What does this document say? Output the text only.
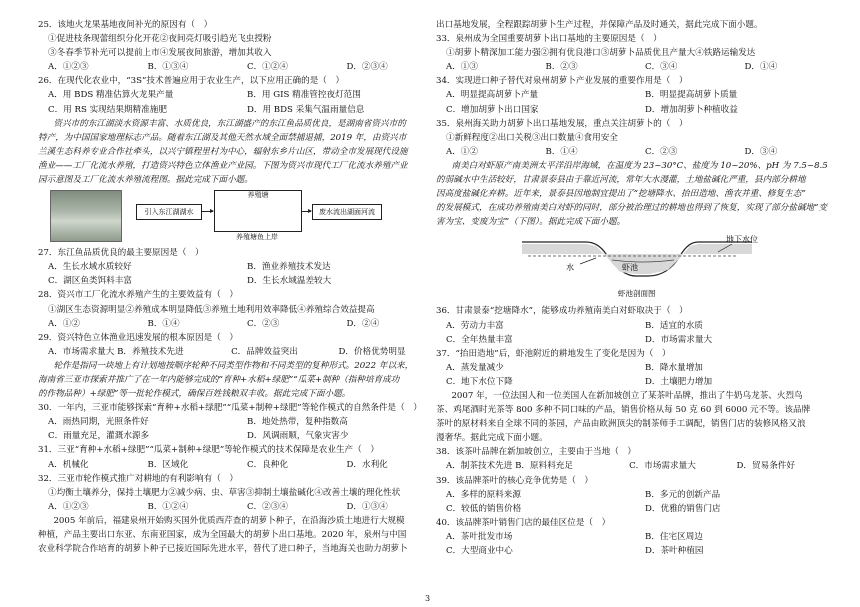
25．该地火龙果基地夜间补光的原因有（　）
①促进枝条现蕾组织分化开花②夜间亮灯吸引趋光飞虫授粉
③冬春季节补光可以提前上市④发展夜间旅游，增加其收入
A．①②③	B．①③④	C．①②④	D．②③④
26．在现代化农业中，“3S”技术普遍应用于农业生产，以下应用正确的是（　）
A．用 BDS 精准估算火龙果产量	B．用 GIS 精准管控夜灯范围
C．用 RS 实现结果期精准施肥	D．用 BDS 采集气温雨量信息
资兴市的东江湖淡水资源丰富、水质优良，东江湖盛产的东江鱼品质优良，是湖南省资兴市的
特产，为中国国家地理标志产品。随着东江湖及其他天然水域全面禁捕退捕，2019 年，由资兴市
兰溪生态科养专业合作社牵头，以兴宁镇程里村为中心，辐射东乡片山区，带动全市发展现代设施
渔业——工厂化流水养殖，打造资兴特色立体渔业产业园。下图为资兴市现代工厂化流水养殖产业
园示意图及工厂化流水养殖流程图。据此完成下面小题。
引入东江湖湖水
养殖塘
废水流出湖面河流
养殖塘鱼上岸
27．东江鱼品质优良的最主要原因是（　）
A．生长水域水质较好	B．渔业养殖技术发达
C．湖区鱼类饵料丰富	D．生长水域温差较大
28．资兴市工厂化流水养殖产生的主要效益有（　）
①湖区生态资源明显②养殖成本明显降低③养殖土地利用效率降低④养殖综合效益提高
A．①②	B．①④	C．②③	D．②④
29．资兴特色立体渔业迅速发展的根本原因是（　）
A．市场需求量大 B．养殖技术先进	C．品牌效益突出	D．价格优势明显
轮作是指同一块地上有计划地按顺序轮种不同类型作物和不同类型的复种形式。2022 年以来，
海南省三亚市探索并推广了在一年内能够完成的“育种+水稻+绿肥”“瓜菜+制种（指种培育成功
的作物品种）+绿肥”等一批轮作模式，确保百姓钱粮双丰收。据此完成下面小题。
30．一年内，三亚市能够探索“育种+水稻+绿肥”“瓜菜+制种+绿肥”等轮作模式的自然条件是（　）
A．雨热同期，光照条件好	B．地处热带，复种指数高
C．雨量充足，灌溉水源多	D．风调雨顺，气象灾害少
31．三亚“育种+水稻+绿肥”“瓜菜+制种+绿肥”等轮作模式的技术保障是农业生产（　）
A．机械化	B．区域化	C．良种化	D．水利化
32．三亚市轮作模式推广对耕地的有利影响有（　）
①均衡土壤养分，保持土壤肥力②减少病、虫、草害③抑制土壤盐碱化④改善土壤的理化性状
A．①②③	B．①②④	C．②③④	D．①③④
2005 年前后，福建泉州开始购买国外优质西芹查的胡萝卜种子，在沿海沙质土地进行大规模
种植，产品主要出口东亚、东南亚国家，成为全国最大的胡萝卜出口基地。2020 年，泉州与中国
农业科学院合作培育的胡萝卜种子已接近国际先进水平，替代了进口种子，当地海关也助力胡萝卜
出口基地发展，全程跟踪胡萝卜生产过程，并保障产品及时通关，据此完成下面小题。
33．泉州成为全国重要胡萝卜出口基地的主要原因是（　）
①胡萝卜精深加工能力强②拥有优良港口③胡萝卜品质优且产量大④铁路运输发达
A．①③	B．②③	C．③④	D．①④
34．实现进口种子替代对泉州胡萝卜产业发展的重要作用是（　）
A．明显提高胡萝卜产量	B．明显提高胡萝卜质量
C．增加胡萝卜出口国家	D．增加胡萝卜种植收益
35．泉州海关助力胡萝卜出口基地发展，重点关注胡萝卜的（　）
①新鲜程度②出口关税③出口数量④食用安全
A．①②	B．①④	C．②③	D．③④
南美白对虾原产南美洲太平洋沿岸海域，在温度为 23~30°C、盐度为 10~20%、pH 为 7.5~8.5
的弱碱水中生活较好，甘肃景泰县由于靠近河流，常年大水漫灌，土地盐碱化严重，县内部分耕地
因高度盐碱化弃耕。近年来，景泰县因地制宜提出了“挖塘降水、抬田造地、渔农并重、修复生态”
的发展模式，在成功养殖南美白对虾的同时，部分被治理过的耕地也得到了恢复，实现了部分盐碱地“变
害为宝、变废为宝”（下图）。据此完成下面小题。
水
地下水位
虾池
虾池剖面图
36．甘肃景泰“挖塘降水”，能够成功养殖南美白对虾取决于（　）
A．劳动力丰富	B．适宜的水质
C．全年热量丰富	D．市场需求量大
37．“抬田造地”后，虾池附近的耕地发生了变化是因为（　）
A．蒸发量减少	B．降水量增加
C．地下水位下降	D．土壤肥力增加
2007 年，一位法国人和一位美国人在新加坡创立了某茶叶品牌，推出了牛奶乌龙茶、火烈鸟
茶、鸡尾酒时光茶等 800 多种不同口味的产品，销售价格从每 50 克 60 到 6000 元不等。该品牌
茶叶的原材料来自全球不同的茶园，产品由欧洲顶尖的制茶师手工调配，销售门店的装修风格又浪
漫奢华。据此完成下面小题。
38．该茶叶品牌在新加坡创立，主要由于当地（　）
A．制茶技术先进 B．原料料充足	C．市场需求量大	D．贸易条件好
39．该品牌茶叶的核心竞争优势是（　）
A．多样的原料来源	B．多元的创新产品
C．较低的销售价格	D．优雅的销售门店
40．该品牌茶叶销售门店的最佳区位是（　）
A．茶叶批发市场	B．住宅区周边
C．大型商业中心	D．茶叶种植园
3
